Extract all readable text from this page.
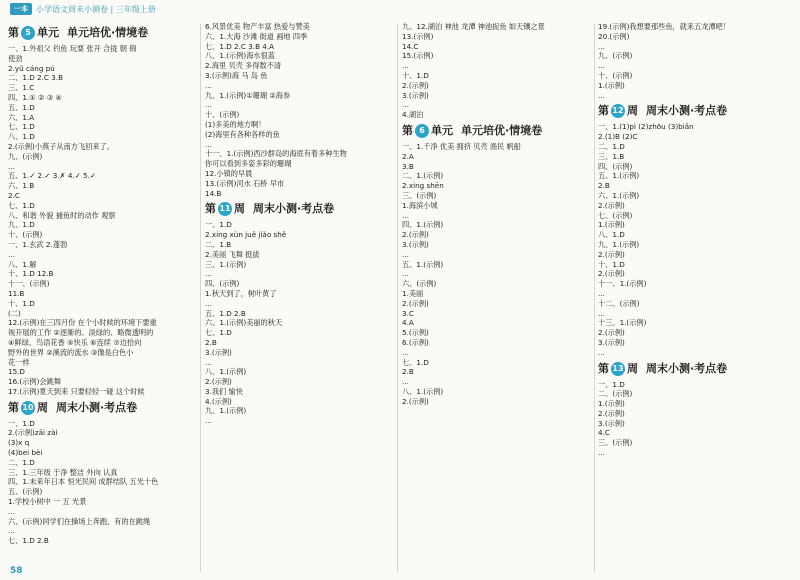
一本	小学语文周末小测卷 | 三年级上册
第 5 单元 单元培优·情境卷
一、1.外祖父 钓鱼 玩耍 张开 合拢 朝 锦
使劲
2.yǔ cáng pú
二、1.D 2.C 3.B
三、1.C
四、1.① ② ③ ④
五、1.D
六、1.A
七、1.D
八、1.D
2.(示例)小燕子从南方飞回来了。
九、(示例)
...
五、1.✓ 2.✓ 3.✗ 4.✓ 5.✓
六、1.B
2.C
七、1.D
八、和谐 外貌 捕鱼时的动作 观察
九、1.D
十、(示例)
一、1.玄武 2.蓬勃
...
八、1.解
十、1.D 12.B
十一、(示例)
11.B
十、1.D
(二)
12.(示例)在三四月份 在个小时候的环境下要重
视开展的工作 ②逐渐的、淡绿的、略微透明的
④鲜绿、鸟语花香 ⑤快乐 ⑥连续 ⑦边拾向
野外的世界 ②溪流的流水 ③像是白色小
花一样
15.D
16.(示例)会跳舞
17.(示例)夏天到来 只要轻轻一碰 这个时候
第 10 周 周末小测·考点卷
一、1.D
2.(示例)zāi zài
(3)x q
(4)bei bèi
二、1.D
三、1.三年级 于净 整洁 外向 认真
四、1.未来年日本 恒光民间 成群结队 五光十色
五、(示例)
1.学校小树中 一 五 光景
...
六、(示例)同学们在操场上奔跑，有的在跳绳
...
七、1.D 2.B
6.风景优美 物产丰富 热爱与赞美
六、1.大海 沙滩 街道 画地 四季
七、1.D 2.C 3.B 4.A
八、1.(示例)海水很蓝
2.海里 贝壳 多得数不清
3.(示例)海 马 岛 鱼
...
九、1.(示例)①珊瑚 ②海参
...
十、(示例)
(1)多美的地方啊！
(2)海里有各种各样的鱼
...
十一、1.(示例)西沙群岛的海底有着多种生物
你可以看到多姿多彩的珊瑚
12.小镇的早晨
13.(示例)河水 石桥 早市
14.B
第 11 周 周末小测·考点卷
一、1.D
2.xíng xùn juě jiǎo shě
二、1.B
2.美丽 飞舞 挺拔
三、1.(示例)
...
四、(示例)
1.秋天到了，树叶黄了
...
五、1.D 2.B
六、1.(示例)美丽的秋天
七、1.D
2.B
3.(示例)
...
八、1.(示例)
2.(示例)
3.我们 愉快
4.(示例)
九、1.(示例)
...
九、12.湖泊 神池 龙潭 神池捉鱼 如天镶之景
13.(示例)
14.C
15.(示例)
...
十、1.D
2.(示例)
3.(示例)
...
4.湖泊
第 6 单元 单元培优·情境卷
一、1.千净 优美 拥挤 贝壳 渔民 帆船
2.A
3.B
二、1.(示例)
2.xing shēn
三、(示例)
1.海滨小城
...
四、1.(示例)
2.(示例)
3.(示例)
...
五、1.(示例)
...
六、(示例)
1.美丽
2.(示例)
3.C
4.A
5.(示例)
6.(示例)
...
七、1.D
2.B
...
八、1.(示例)
2.(示例)
19.(示例)我想要那些鱼，就来五龙潭吧！
20.(示例)
...
九、(示例)
...
十、(示例)
1.(示例)
...
第 12 周 周末小测·考点卷
一、1.(1)pì (2)zhōu (3)biǎn
2.(1)B (2)C
二、1.D
三、1.B
四、(示例)
五、1.(示例)
2.B
六、1.(示例)
2.(示例)
七、(示例)
1.(示例)
八、1.D
九、1.(示例)
2.(示例)
十、1.D
2.(示例)
十一、1.(示例)
...
十二、(示例)
...
十三、1.(示例)
2.(示例)
3.(示例)
...
第 13 周 周末小测·考点卷
一、1.D
二、(示例)
1.(示例)
2.(示例)
3.(示例)
4.C
三、(示例)
...
58
